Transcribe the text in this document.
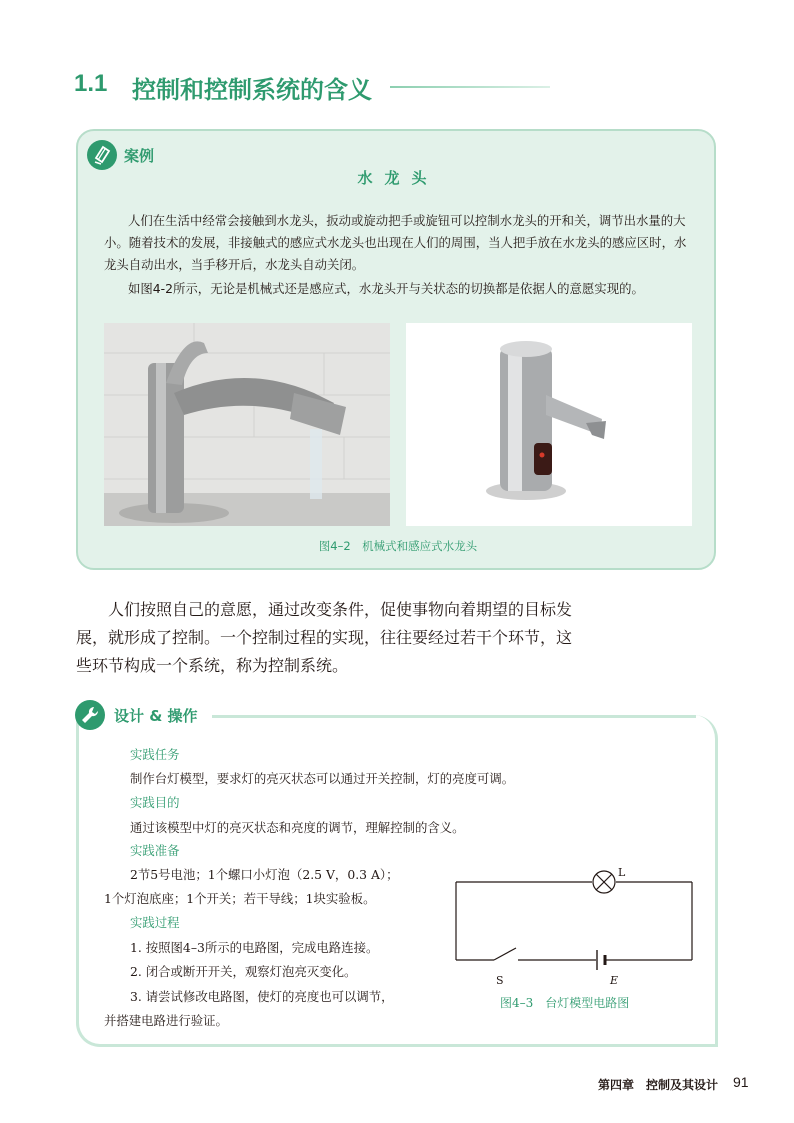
1.1 控制和控制系统的含义
案例
水龙头

人们在生活中经常会接触到水龙头，扳动或旋动把手或旋钮可以控制水龙头的开和关，调节出水量的大小。随着技术的发展，非接触式的感应式水龙头也出现在人们的周围，当人把手放在水龙头的感应区时，水龙头自动出水，当手移开后，水龙头自动关闭。

如图4-2所示，无论是机械式还是感应式，水龙头开与关状态的切换都是依据人的意愿实现的。

图4–2　机械式和感应式水龙头

人们按照自己的意愿，通过改变条件，促使事物向着期望的目标发展，就形成了控制。一个控制过程的实现，往往要经过若干个环节，这些环节构成一个系统，称为控制系统。

设计 & 操作
实践任务
制作台灯模型，要求灯的亮灭状态可以通过开关控制，灯的亮度可调。
实践目的
通过该模型中灯的亮灭状态和亮度的调节，理解控制的含义。
实践准备
2节5号电池；1个螺口小灯泡（2.5 V，0.3 A）；
1个灯泡底座；1个开关；若干导线；1块实验板。
实践过程
1. 按照图4–3所示的电路图，完成电路连接。
2. 闭合或断开开关，观察灯泡亮灭变化。
3. 请尝试修改电路图，使灯的亮度也可以调节，
并搭建电路进行验证。
L
S	E
图4–3　台灯模型电路图
第四章　控制及其设计 91
